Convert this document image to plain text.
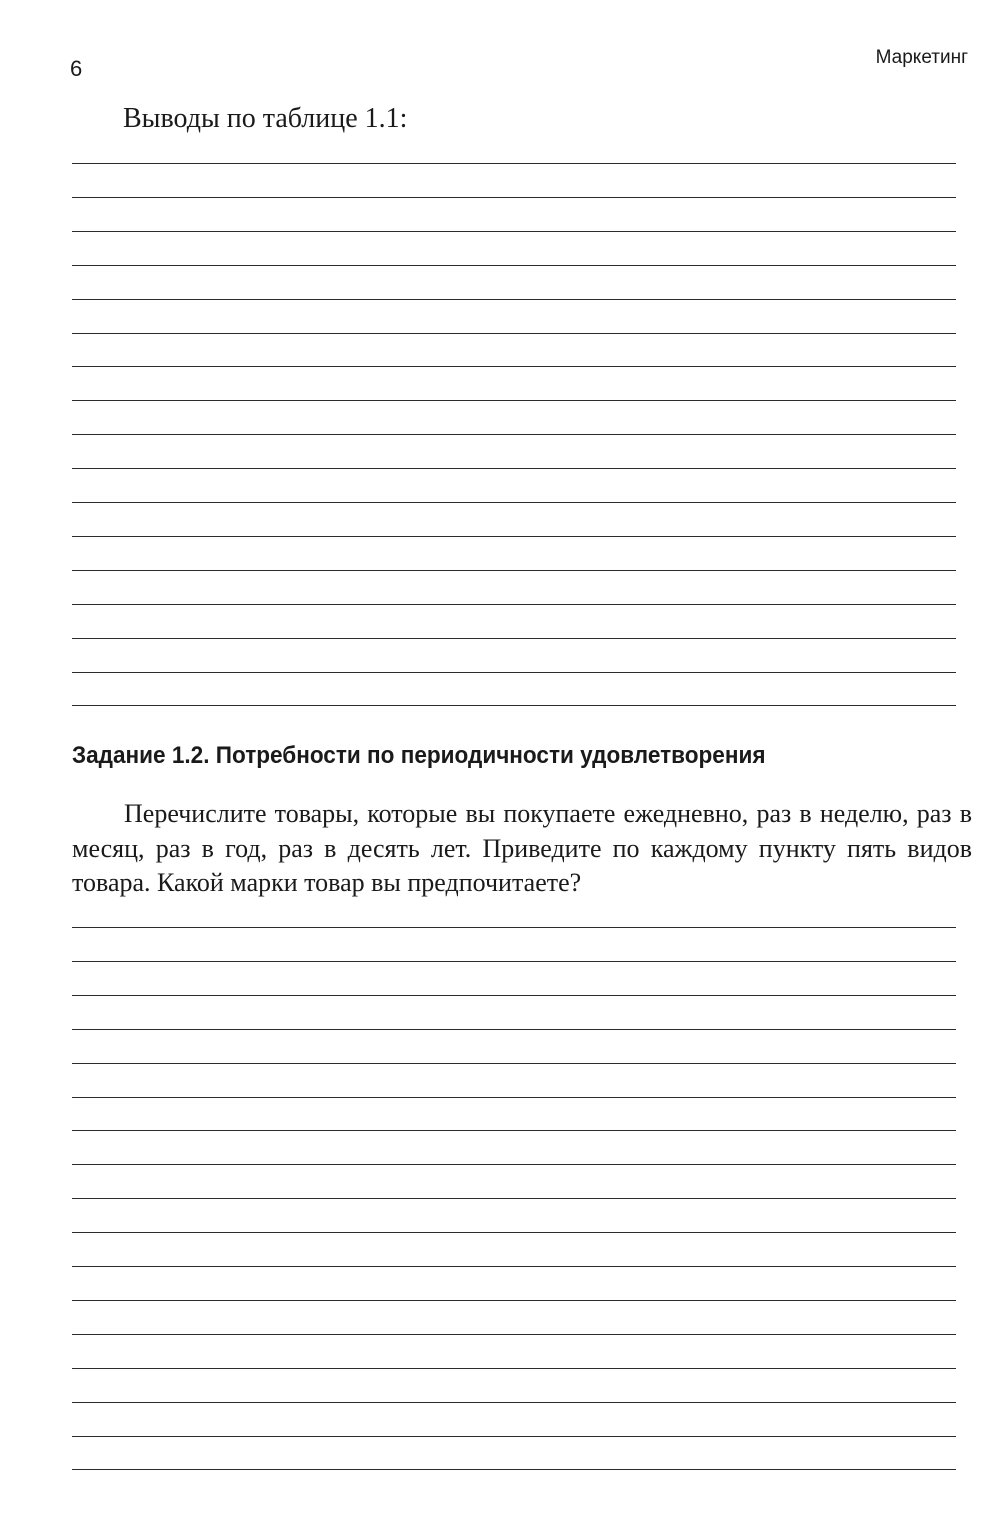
6	Маркетинг
Выводы по таблице 1.1:
Задание 1.2. Потребности по периодичности удовлетворения

Перечислите товары, которые вы покупаете ежедневно, раз в неделю, раз в месяц, раз в год, раз в десять лет. Приведите по каждому пункту пять видов товара. Какой марки товар вы предпочитаете?
